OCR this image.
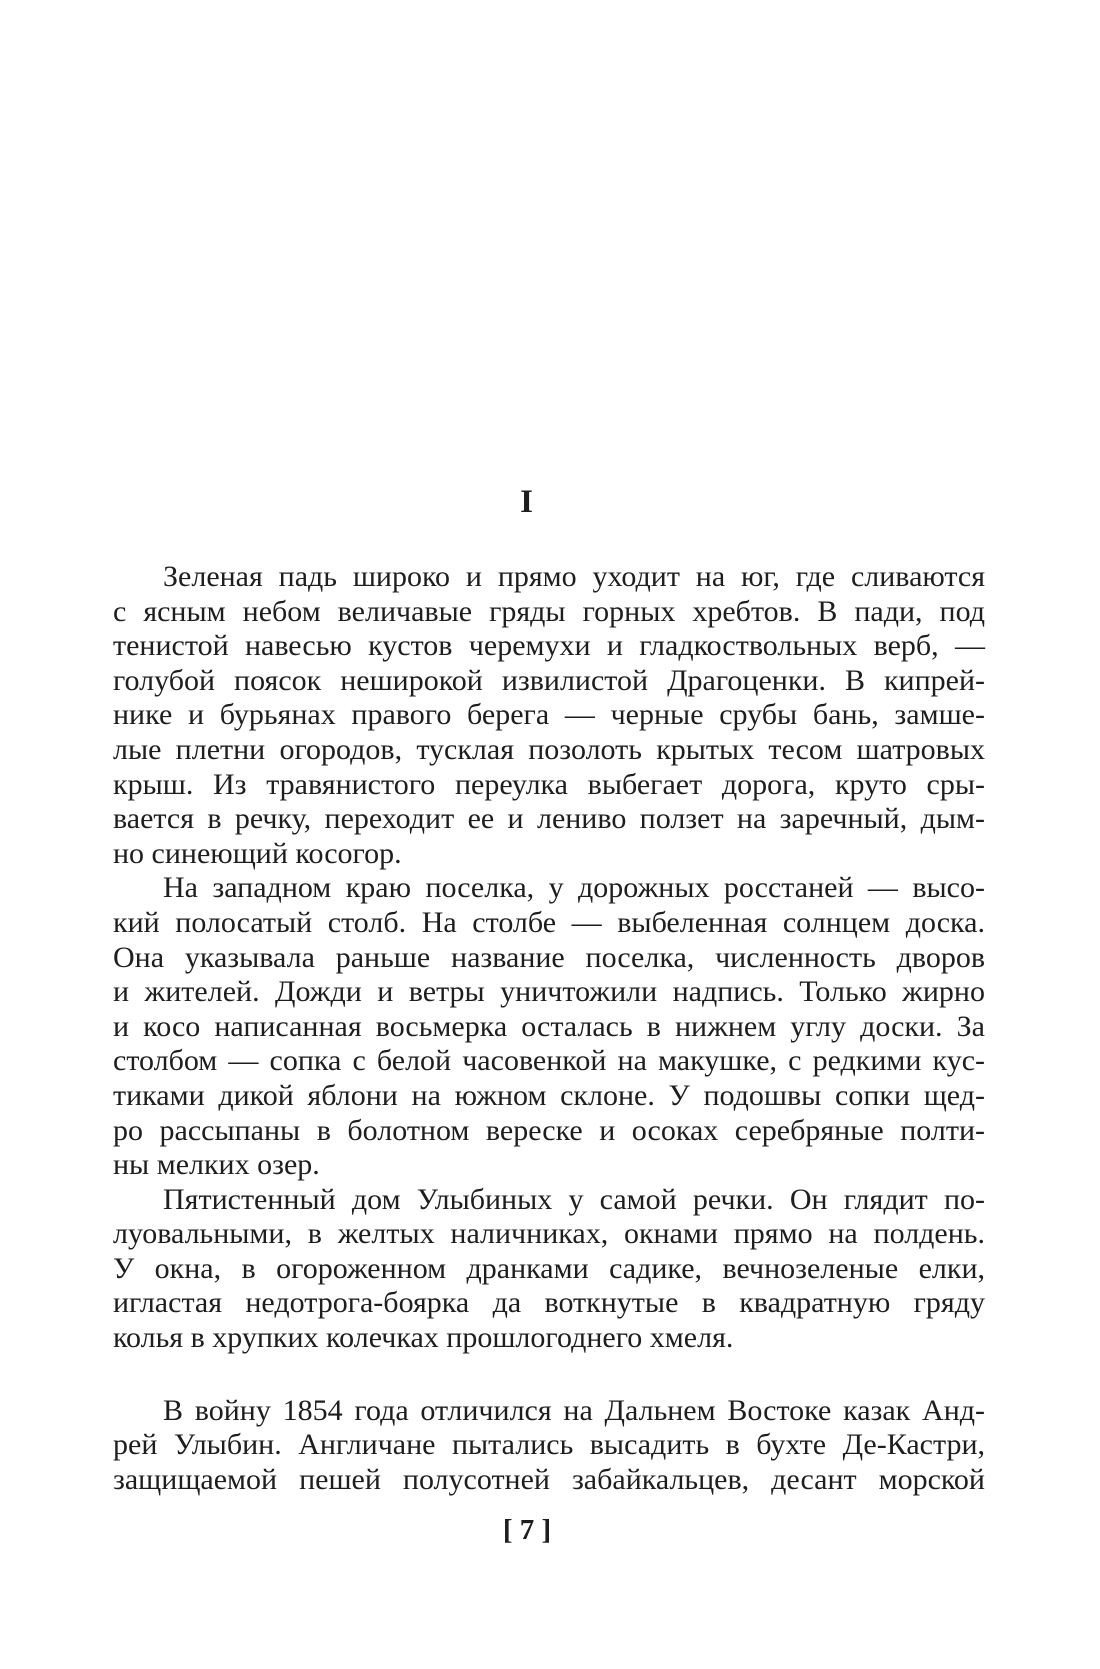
I

Зеленая падь широко и прямо уходит на юг, где сливаются
с ясным небом величавые гряды горных хребтов. В пади, под
тенистой навесью кустов черемухи и гладкоствольных верб, —
голубой поясок неширокой извилистой Драгоценки. В кипрей-
нике и бурьянах правого берега — черные срубы бань, замше-
лые плетни огородов, тусклая позолоть крытых тесом шатровых
крыш. Из травянистого переулка выбегает дорога, круто сры-
вается в речку, переходит ее и лениво ползет на заречный, дым-
но синеющий косогор.

На западном краю поселка, у дорожных росстаней — высо-
кий полосатый столб. На столбе — выбеленная солнцем доска.
Она указывала раньше название поселка, численность дворов
и жителей. Дожди и ветры уничтожили надпись. Только жирно
и косо написанная восьмерка осталась в нижнем углу доски. За
столбом — сопка с белой часовенкой на макушке, с редкими кус-
тиками дикой яблони на южном склоне. У подошвы сопки щед-
ро рассыпаны в болотном вереске и осоках серебряные полти-
ны мелких озер.

Пятистенный дом Улыбиных у самой речки. Он глядит по-
луовальными, в желтых наличниках, окнами прямо на полдень.
У окна, в огороженном дранками садике, вечнозеленые елки,
игластая недотрога-боярка да воткнутые в квадратную гряду
колья в хрупких колечках прошлогоднего хмеля.

В войну 1854 года отличился на Дальнем Востоке казак Анд-
рей Улыбин. Англичане пытались высадить в бухте Де-Кастри,
защищаемой пешей полусотней забайкальцев, десант морской

[ 7 ]
